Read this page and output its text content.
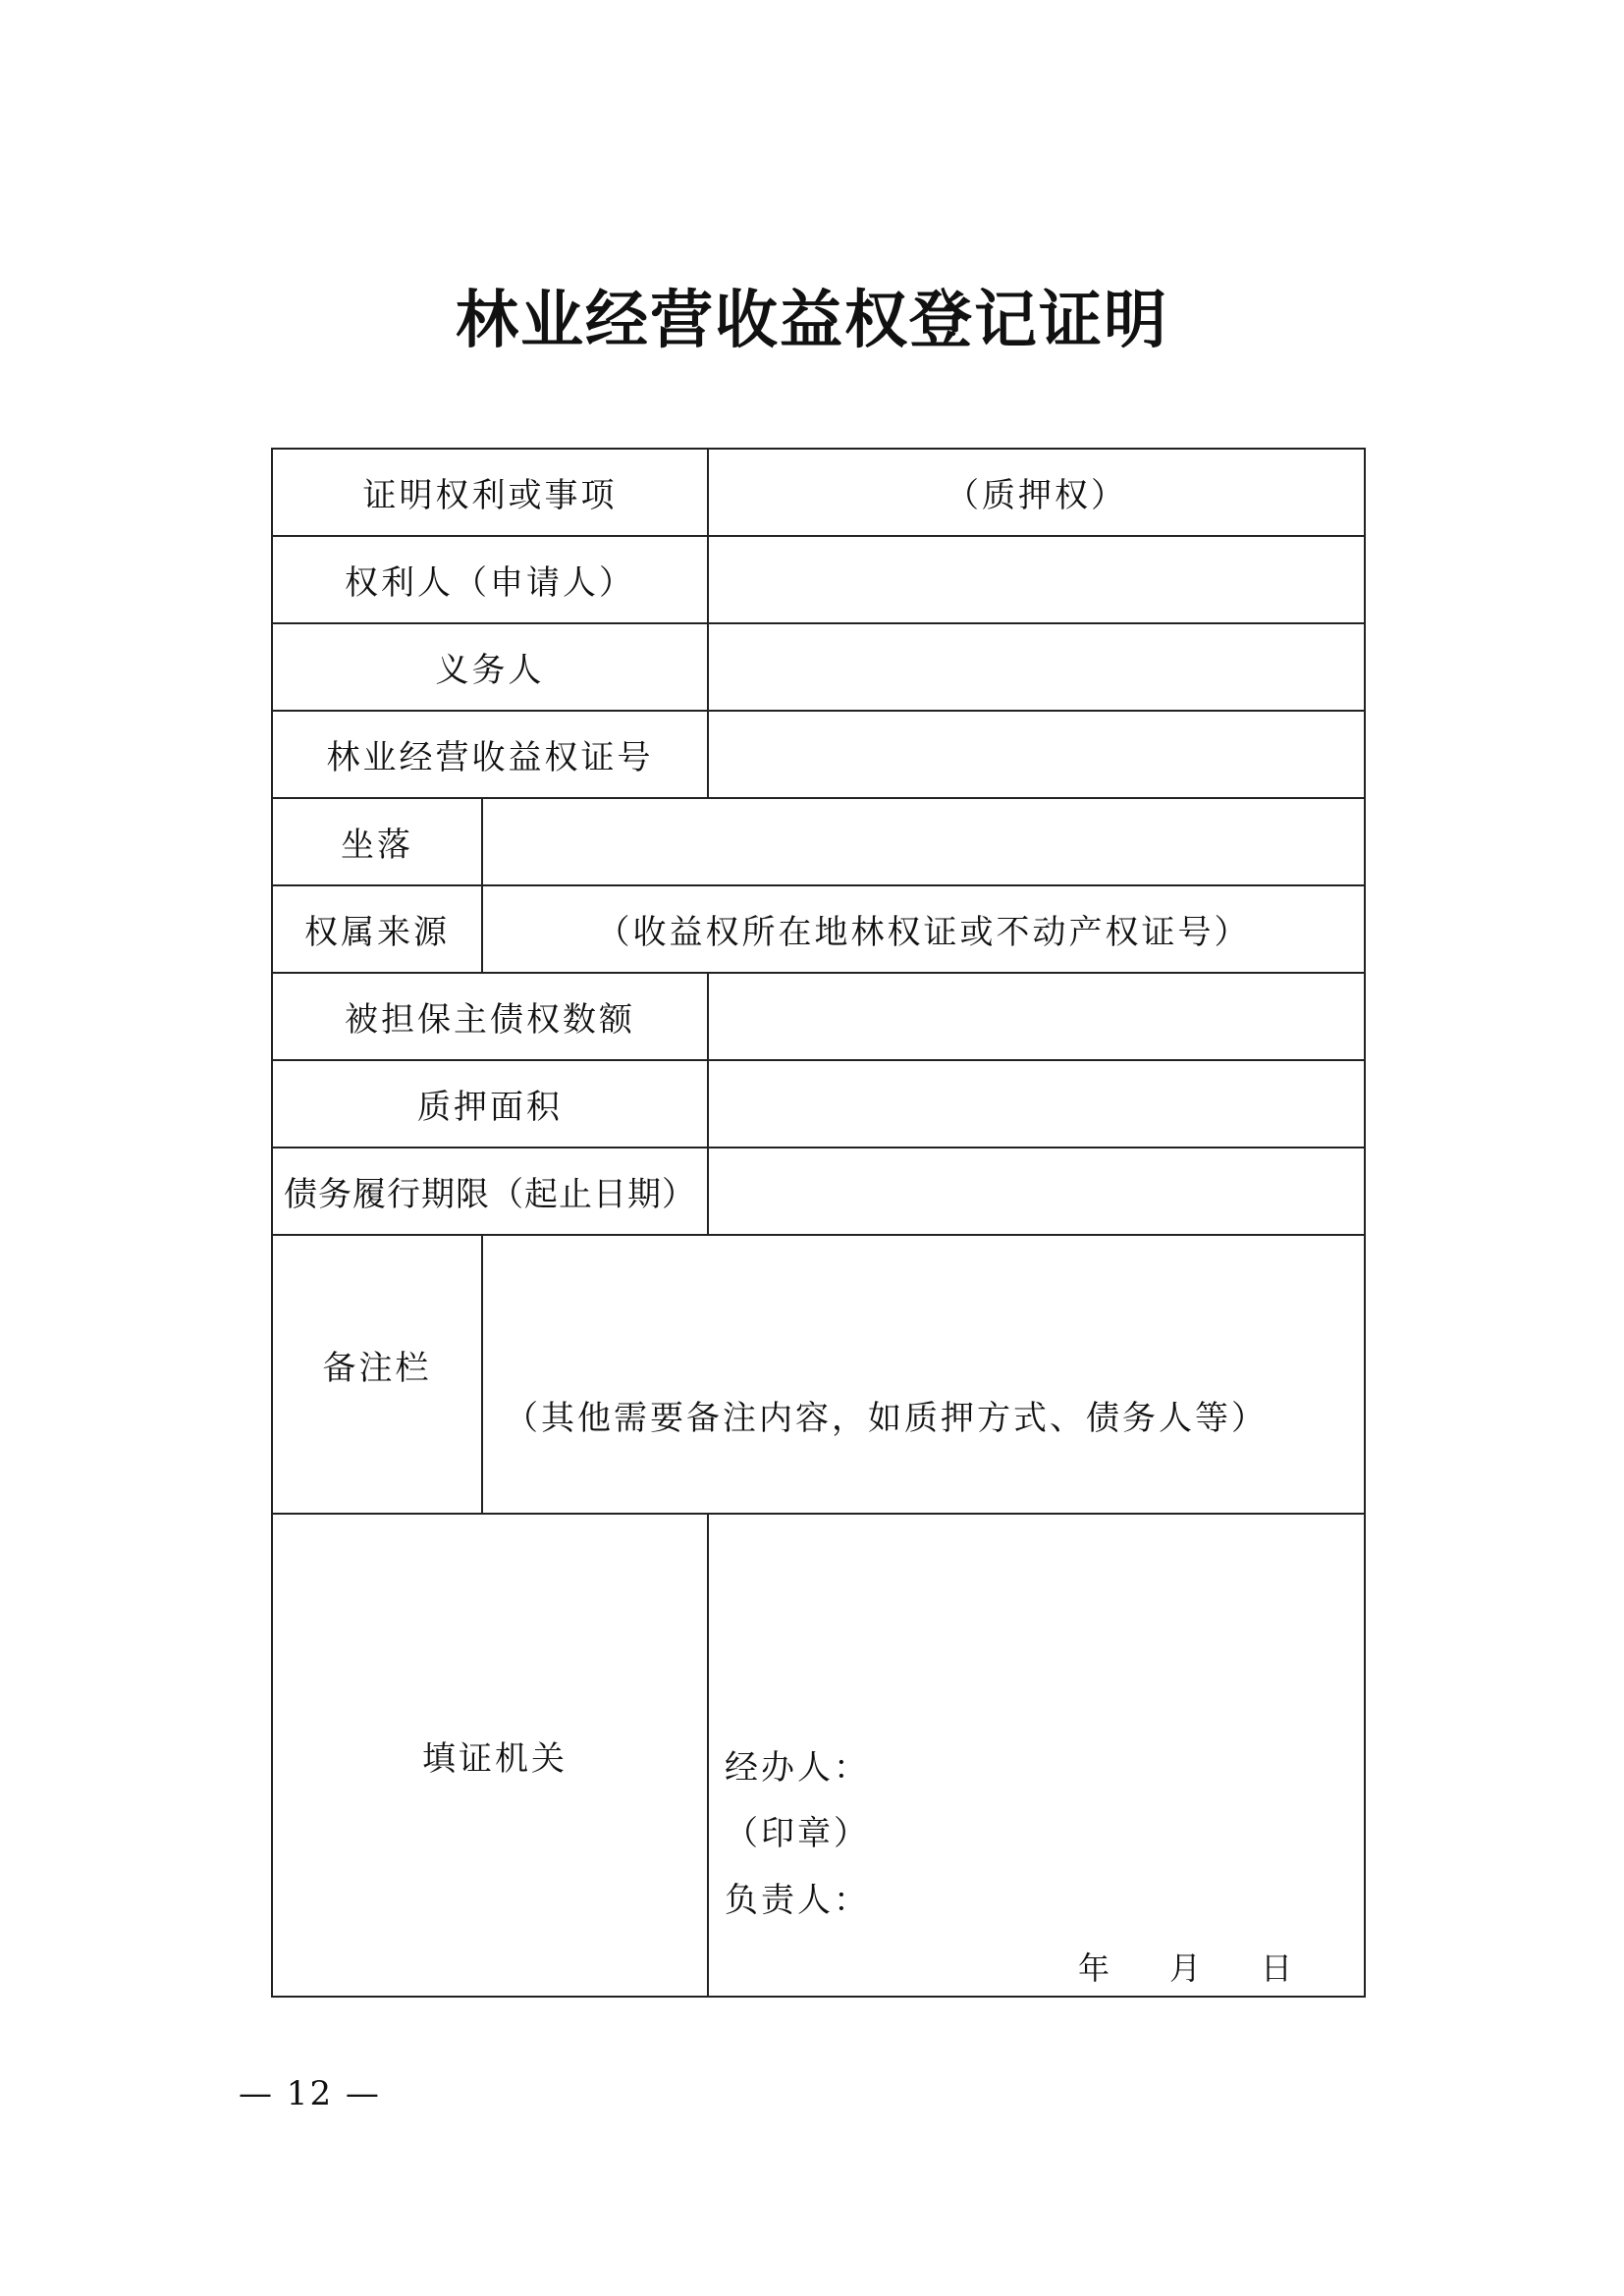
林业经营收益权登记证明
证明权利或事项		（质押权）
权利人（申请人）		
义务人		
林业经营收益权证号		
坐落		
权属来源	（收益权所在地林权证或不动产权证号）	
被担保主债权数额		
质押面积		
债务履行期限（起止日期）		
备注栏	（其他需要备注内容，如质押方式、债务人等）	

填证机关		经办人：
（印章）
负责人：
年 月 日
— 12 —
